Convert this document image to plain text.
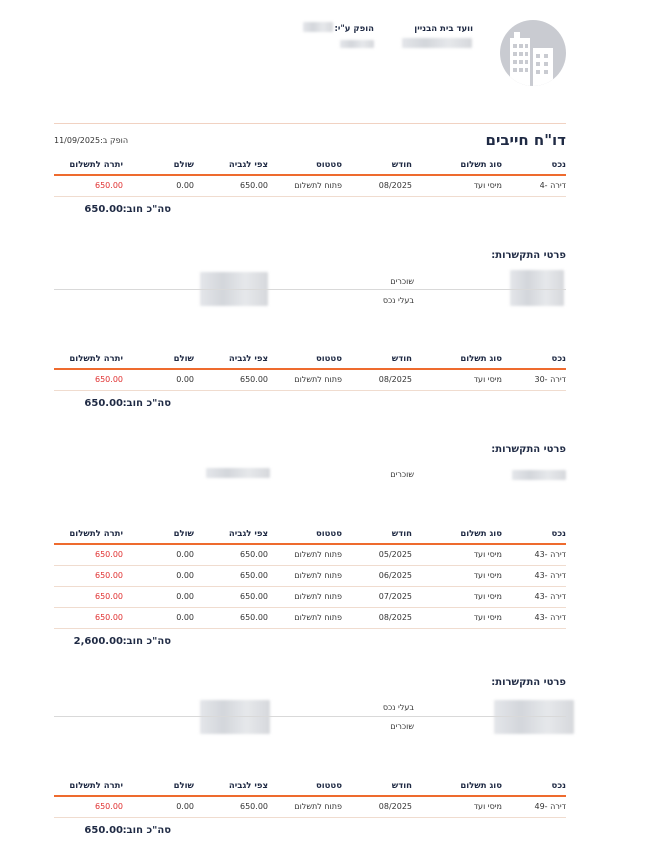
וועד בית הבניין
הופק ע"י:
דו"ח חייבים
הופק ב:11/09/2025
נכס
סוג תשלום
חודש
סטטוס
צפי לגביה
שולם
יתרה לתשלום
דירה -4
מיסי ועד
08/2025
פתוח לתשלום
650.00
0.00
650.00
סה"כ חוב:
650.00
פרטי התקשרות:
שוכרים
בעלי נכס
נכס
סוג תשלום
חודש
סטטוס
צפי לגביה
שולם
יתרה לתשלום
דירה -30
מיסי ועד
08/2025
פתוח לתשלום
650.00
0.00
650.00
סה"כ חוב:
650.00
פרטי התקשרות:
שוכרים
נכס
סוג תשלום
חודש
סטטוס
צפי לגביה
שולם
יתרה לתשלום
דירה -43
מיסי ועד
05/2025
פתוח לתשלום
650.00
0.00
650.00
דירה -43
מיסי ועד
06/2025
פתוח לתשלום
650.00
0.00
650.00
דירה -43
מיסי ועד
07/2025
פתוח לתשלום
650.00
0.00
650.00
דירה -43
מיסי ועד
08/2025
פתוח לתשלום
650.00
0.00
650.00
סה"כ חוב:
2,600.00
פרטי התקשרות:
בעלי נכס
שוכרים
נכס
סוג תשלום
חודש
סטטוס
צפי לגביה
שולם
יתרה לתשלום
דירה -49
מיסי ועד
08/2025
פתוח לתשלום
650.00
0.00
650.00
סה"כ חוב:
650.00
